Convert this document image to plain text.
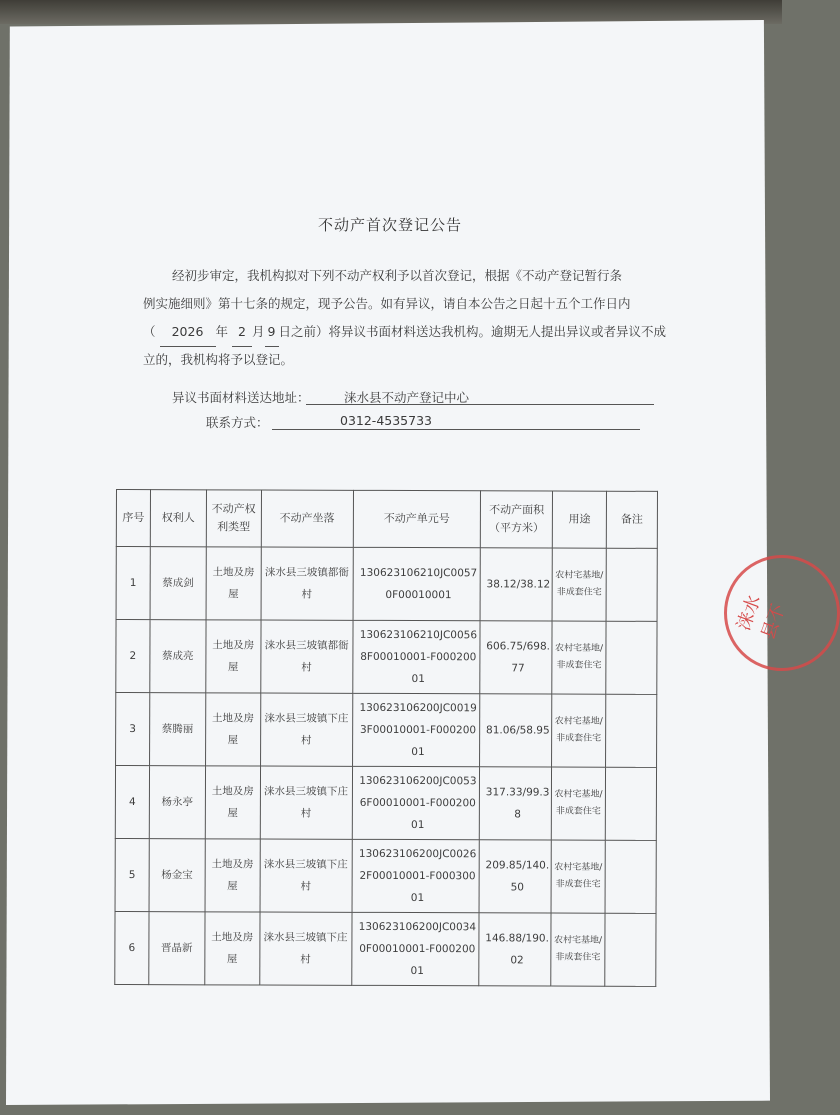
不动产首次登记公告
经初步审定，我机构拟对下列不动产权利予以首次登记，根据《不动产登记暂行条
例实施细则》第十七条的规定，现予公告。如有异议，请自本公告之日起十五个工作日内
（ 2026 年 2 月 9 日之前）将异议书面材料送达我机构。逾期无人提出异议或者异议不成
立的，我机构将予以登记。
异议书面材料送达地址：	涞水县不动产登记中心
联系方式：	0312-4535733
序号	权利人	不动产权利类型	不动产坐落	不动产单元号	不动产面积（平方米）	用途	备注
1	蔡成剑	土地及房屋	涞水县三坡镇都衙村	130623106210JC00570F00010001	38.12/38.12	农村宅基地/非成套住宅	
2	蔡成亮	土地及房屋	涞水县三坡镇都衙村	130623106210JC00568F00010001-F00020001	606.75/698.77	农村宅基地/非成套住宅	
3	蔡腾丽	土地及房屋	涞水县三坡镇下庄村	130623106200JC00193F00010001-F00020001	81.06/58.95	农村宅基地/非成套住宅	
4	杨永亭	土地及房屋	涞水县三坡镇下庄村	130623106200JC00536F00010001-F00020001	317.33/99.38	农村宅基地/非成套住宅	
5	杨金宝	土地及房屋	涞水县三坡镇下庄村	130623106200JC00262F00010001-F00030001	209.85/140.50	农村宅基地/非成套住宅	
6	晋晶新	土地及房屋	涞水县三坡镇下庄村	130623106200JC00340F00010001-F00020001	146.88/190.02	农村宅基地/非成套住宅	
涞水县不
